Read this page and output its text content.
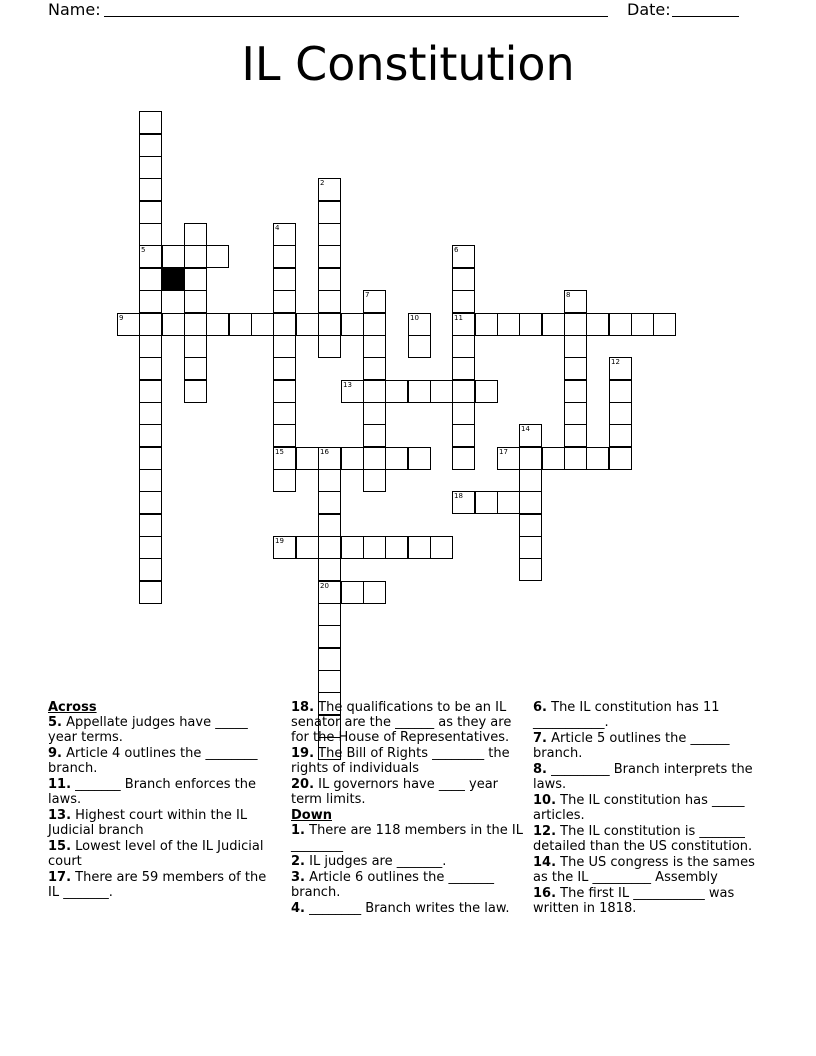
Name:	Date:
IL Constitution
5
9	11
13
15	16	17
18
19
20
2
4
6
7	8
10
12
14
Across
5. Appellate judges have _____ year terms.
9. Article 4 outlines the ________ branch.
11. _______ Branch enforces the laws.
13. Highest court within the IL Judicial branch
15. Lowest level of the IL Judicial court
17. There are 59 members of the IL _______.
18. The qualifications to be an IL senator are the ______ as they are for the House of Representatives.
19. The Bill of Rights ________ the rights of individuals
20. IL governors have ____ year term limits.
Down
1. There are 118 members in the IL ________
2. IL judges are _______.
3. Article 6 outlines the _______ branch.
4. ________ Branch writes the law.
6. The IL constitution has 11 ___________.
7. Article 5 outlines the ______ branch.
8. _________ Branch interprets the laws.
10. The IL constitution has _____ articles.
12. The IL constitution is _______ detailed than the US constitution.
14. The US congress is the sames as the IL _________ Assembly
16. The first IL ___________ was written in 1818.
